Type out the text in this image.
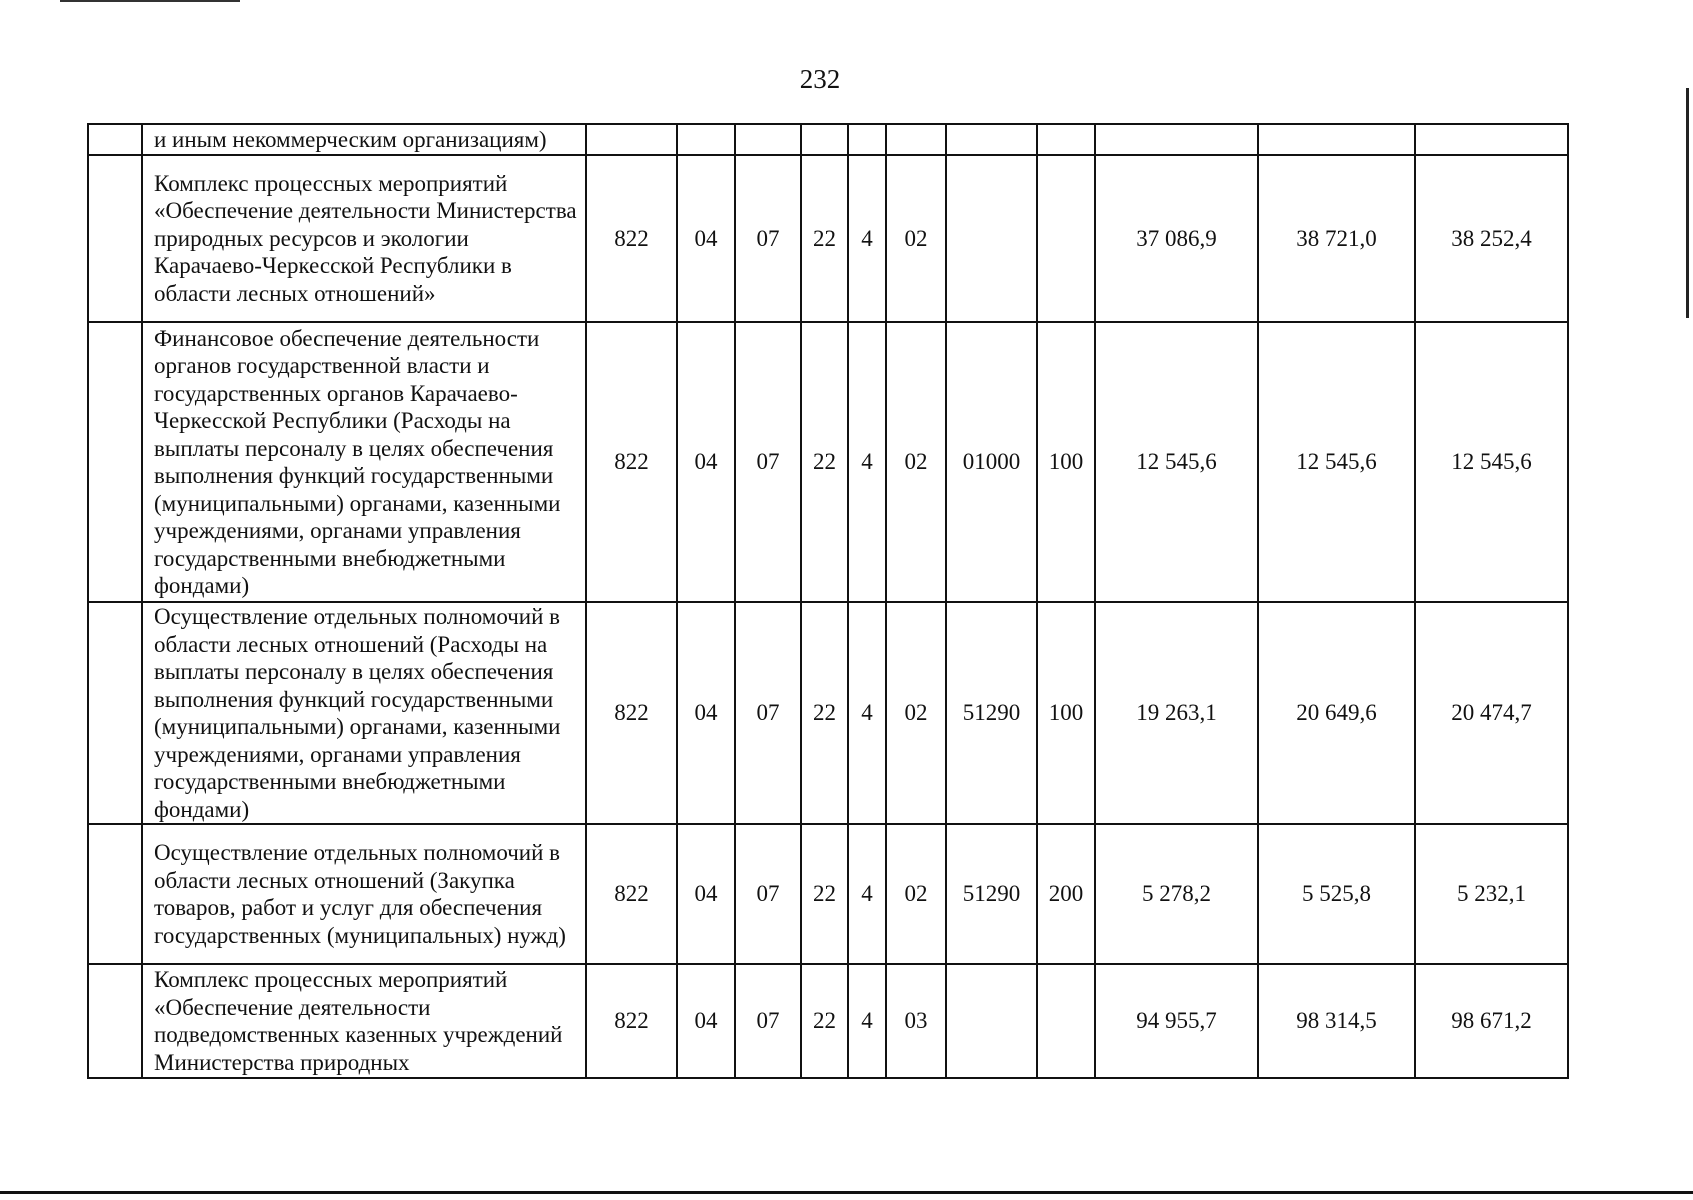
232
	и иным некоммерческим организациям)											
	Комплекс процессных мероприятий «Обеспечение деятельности Министерства природных ресурсов и экологии Карачаево-Черкесской Республики в области лесных отношений»	822	04	07	22	4	02			37 086,9	38 721,0	38 252,4
	Финансовое обеспечение деятельности органов государственной власти и государственных органов Карачаево-Черкесской Республики (Расходы на выплаты персоналу в целях обеспечения выполнения функций государственными (муниципальными) органами, казенными учреждениями, органами управления государственными внебюджетными фондами)	822	04	07	22	4	02	01000	100	12 545,6	12 545,6	12 545,6
	Осуществление отдельных полномочий в области лесных отношений (Расходы на выплаты персоналу в целях обеспечения выполнения функций государственными (муниципальными) органами, казенными учреждениями, органами управления государственными внебюджетными фондами)	822	04	07	22	4	02	51290	100	19 263,1	20 649,6	20 474,7
	Осуществление отдельных полномочий в области лесных отношений (Закупка товаров, работ и услуг для обеспечения государственных (муниципальных) нужд)	822	04	07	22	4	02	51290	200	5 278,2	5 525,8	5 232,1
	Комплекс процессных мероприятий «Обеспечение деятельности подведомственных казенных учреждений Министерства природных	822	04	07	22	4	03			94 955,7	98 314,5	98 671,2
